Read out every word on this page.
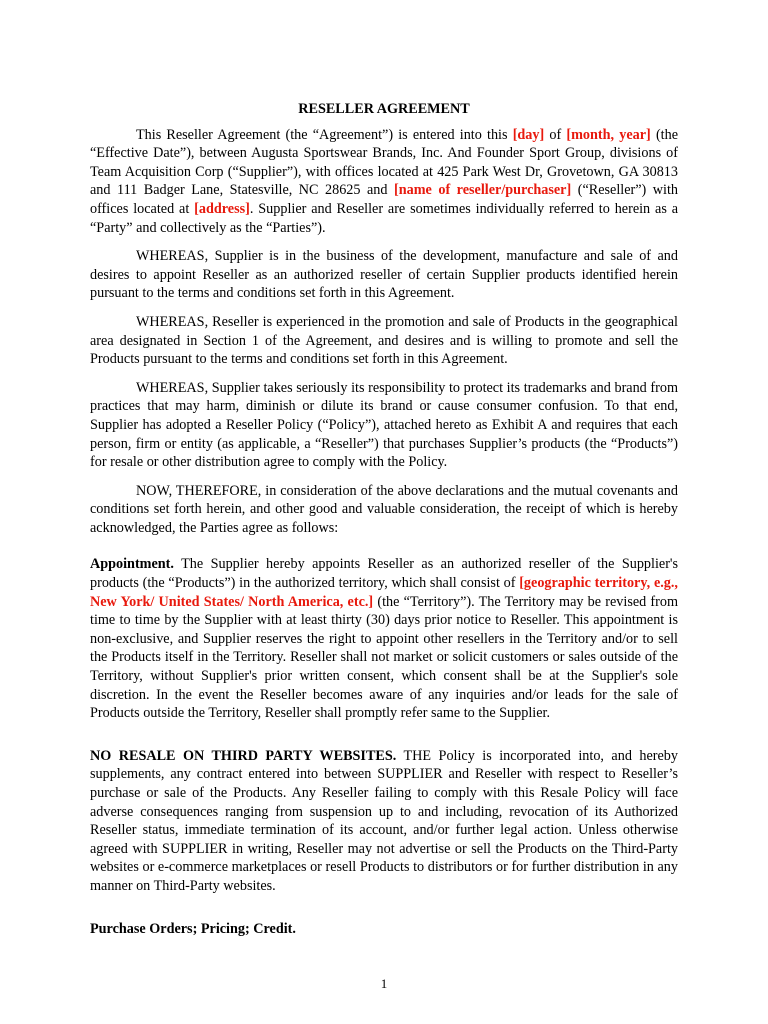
RESELLER AGREEMENT

This Reseller Agreement (the “Agreement”) is entered into this [day] of [month, year] (the “Effective Date”), between Augusta Sportswear Brands, Inc. And Founder Sport Group, divisions of Team Acquisition Corp (“Supplier”), with offices located at 425 Park West Dr, Grovetown, GA 30813 and 111 Badger Lane, Statesville, NC 28625 and [name of reseller/purchaser] (“Reseller”) with offices located at [address]. Supplier and Reseller are sometimes individually referred to herein as a “Party” and collectively as the “Parties”).

WHEREAS, Supplier is in the business of the development, manufacture and sale of and desires to appoint Reseller as an authorized reseller of certain Supplier products identified herein pursuant to the terms and conditions set forth in this Agreement.

WHEREAS, Reseller is experienced in the promotion and sale of Products in the geographical area designated in Section 1 of the Agreement, and desires and is willing to promote and sell the Products pursuant to the terms and conditions set forth in this Agreement.

WHEREAS, Supplier takes seriously its responsibility to protect its trademarks and brand from practices that may harm, diminish or dilute its brand or cause consumer confusion. To that end, Supplier has adopted a Reseller Policy (“Policy”), attached hereto as Exhibit A and requires that each person, firm or entity (as applicable, a “Reseller”) that purchases Supplier’s products (the “Products”) for resale or other distribution agree to comply with the Policy.

NOW, THEREFORE, in consideration of the above declarations and the mutual covenants and conditions set forth herein, and other good and valuable consideration, the receipt of which is hereby acknowledged, the Parties agree as follows:

Appointment. The Supplier hereby appoints Reseller as an authorized reseller of the Supplier's products (the “Products”) in the authorized territory, which shall consist of [geographic territory, e.g., New York/ United States/ North America, etc.] (the “Territory”). The Territory may be revised from time to time by the Supplier with at least thirty (30) days prior notice to Reseller. This appointment is non-exclusive, and Supplier reserves the right to appoint other resellers in the Territory and/or to sell the Products itself in the Territory. Reseller shall not market or solicit customers or sales outside of the Territory, without Supplier's prior written consent, which consent shall be at the Supplier's sole discretion. In the event the Reseller becomes aware of any inquiries and/or leads for the sale of Products outside the Territory, Reseller shall promptly refer same to the Supplier.

NO RESALE ON THIRD PARTY WEBSITES. THE Policy is incorporated into, and hereby supplements, any contract entered into between SUPPLIER and Reseller with respect to Reseller’s purchase or sale of the Products. Any Reseller failing to comply with this Resale Policy will face adverse consequences ranging from suspension up to and including, revocation of its Authorized Reseller status, immediate termination of its account, and/or further legal action. Unless otherwise agreed with SUPPLIER in writing, Reseller may not advertise or sell the Products on the Third-Party websites or e-commerce marketplaces or resell Products to distributors or for further distribution in any manner on Third-Party websites.

Purchase Orders; Pricing; Credit.
1
